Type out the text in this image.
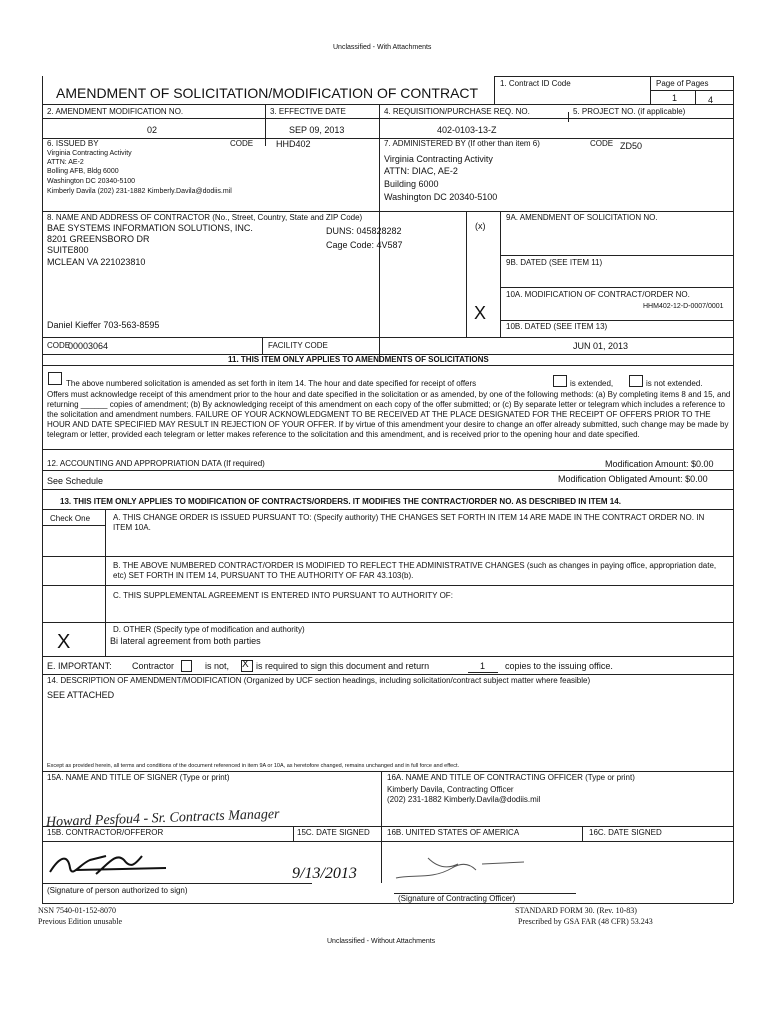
Unclassified - With Attachments
AMENDMENT OF SOLICITATION/MODIFICATION OF CONTRACT
1. Contract ID Code	Page of Pages
1	4
2. AMENDMENT MODIFICATION NO.	3. EFFECTIVE DATE	4. REQUISITION/PURCHASE REQ. NO.	5. PROJECT NO. (if applicable)
02	SEP 09, 2013	402-0103-13-Z
6. ISSUED BY	CODE	HHD402
Virginia Contracting Activity
ATTN: AE-2
Bolling AFB, Bldg 6000
Washington DC 20340-5100
Kimberly Davila (202) 231-1882 Kimberly.Davila@dodiis.mil
7. ADMINISTERED BY (If other than item 6)	CODE ZD50
Virginia Contracting Activity
ATTN: DIAC, AE-2
Building 6000
Washington DC 20340-5100
8. NAME AND ADDRESS OF CONTRACTOR (No., Street, Country, State and ZIP Code)
BAE SYSTEMS INFORMATION SOLUTIONS, INC.
8201 GREENSBORO DR
SUITE800
MCLEAN VA 221023810
DUNS: 045828282
Cage Code: 4V587
Daniel Kieffer 703-563-8595
(x)
9A. AMENDMENT OF SOLICITATION NO.
9B. DATED (SEE ITEM 11)
10A. MODIFICATION OF CONTRACT/ORDER NO.
HHM402-12-D-0007/0001
X
10B. DATED (SEE ITEM 13)
CODE
00003064	FACILITY CODE	JUN 01, 2013
11. THIS ITEM ONLY APPLIES TO AMENDMENTS OF SOLICITATIONS
The above numbered solicitation is amended as set forth in item 14. The hour and date specified for receipt of offers	is extended,	is not extended.
Offers must acknowledge receipt of this amendment prior to the hour and date specified in the solicitation or as amended, by one of the following methods: (a) By completing items 8 and 15, and returning ______ copies of amendment; (b) By acknowledging receipt of this amendment on each copy of the offer submitted; or (c) By separate letter or telegram which includes a reference to the solicitation and amendment numbers. FAILURE OF YOUR ACKNOWLEDGMENT TO BE RECEIVED AT THE PLACE DESIGNATED FOR THE RECEIPT OF OFFERS PRIOR TO THE HOUR AND DATE SPECIFIED MAY RESULT IN REJECTION OF YOUR OFFER. If by virtue of this amendment your desire to change an offer already submitted, such change may be made by telegram or letter, provided each telegram or letter makes reference to the solicitation and this amendment, and is received prior to the opening hour and date specified.
12. ACCOUNTING AND APPROPRIATION DATA (If required)	Modification Amount: $0.00
See Schedule	Modification Obligated Amount: $0.00
13. THIS ITEM ONLY APPLIES TO MODIFICATION OF CONTRACTS/ORDERS. IT MODIFIES THE CONTRACT/ORDER NO. AS DESCRIBED IN ITEM 14.
Check One	A. THIS CHANGE ORDER IS ISSUED PURSUANT TO: (Specify authority) THE CHANGES SET FORTH IN ITEM 14 ARE MADE IN THE CONTRACT ORDER NO. IN ITEM 10A.
B. THE ABOVE NUMBERED CONTRACT/ORDER IS MODIFIED TO REFLECT THE ADMINISTRATIVE CHANGES (such as changes in paying office, appropriation date, etc) SET FORTH IN ITEM 14, PURSUANT TO THE AUTHORITY OF FAR 43.103(b).
C. THIS SUPPLEMENTAL AGREEMENT IS ENTERED INTO PURSUANT TO AUTHORITY OF:
D. OTHER (Specify type of modification and authority)
Bi lateral agreement from both parties
X
E. IMPORTANT: Contractor	is not, X is required to sign this document and return	1 copies to the issuing office.
14. DESCRIPTION OF AMENDMENT/MODIFICATION (Organized by UCF section headings, including solicitation/contract subject matter where feasible)
SEE ATTACHED
Except as provided herein, all terms and conditions of the document referenced in item 9A or 10A, as heretofore changed, remains unchanged and in full force and effect.
15A. NAME AND TITLE OF SIGNER (Type or print)	16A. NAME AND TITLE OF CONTRACTING OFFICER (Type or print)
Kimberly Davila, Contracting Officer
(202) 231-1882 Kimberly.Davila@dodiis.mil
Howard Pesfou4 - Sr. Contracts Manager
15B. CONTRACTOR/OFFEROR	15C. DATE SIGNED 16B. UNITED STATES OF AMERICA	16C. DATE SIGNED
9/13/2013
(Signature of person authorized to sign)
(Signature of Contracting Officer)
NSN 7540-01-152-8070
Previous Edition unusable
STANDARD FORM 30. (Rev. 10-83)
Prescribed by GSA FAR (48 CFR) 53.243
Unclassified - Without Attachments
